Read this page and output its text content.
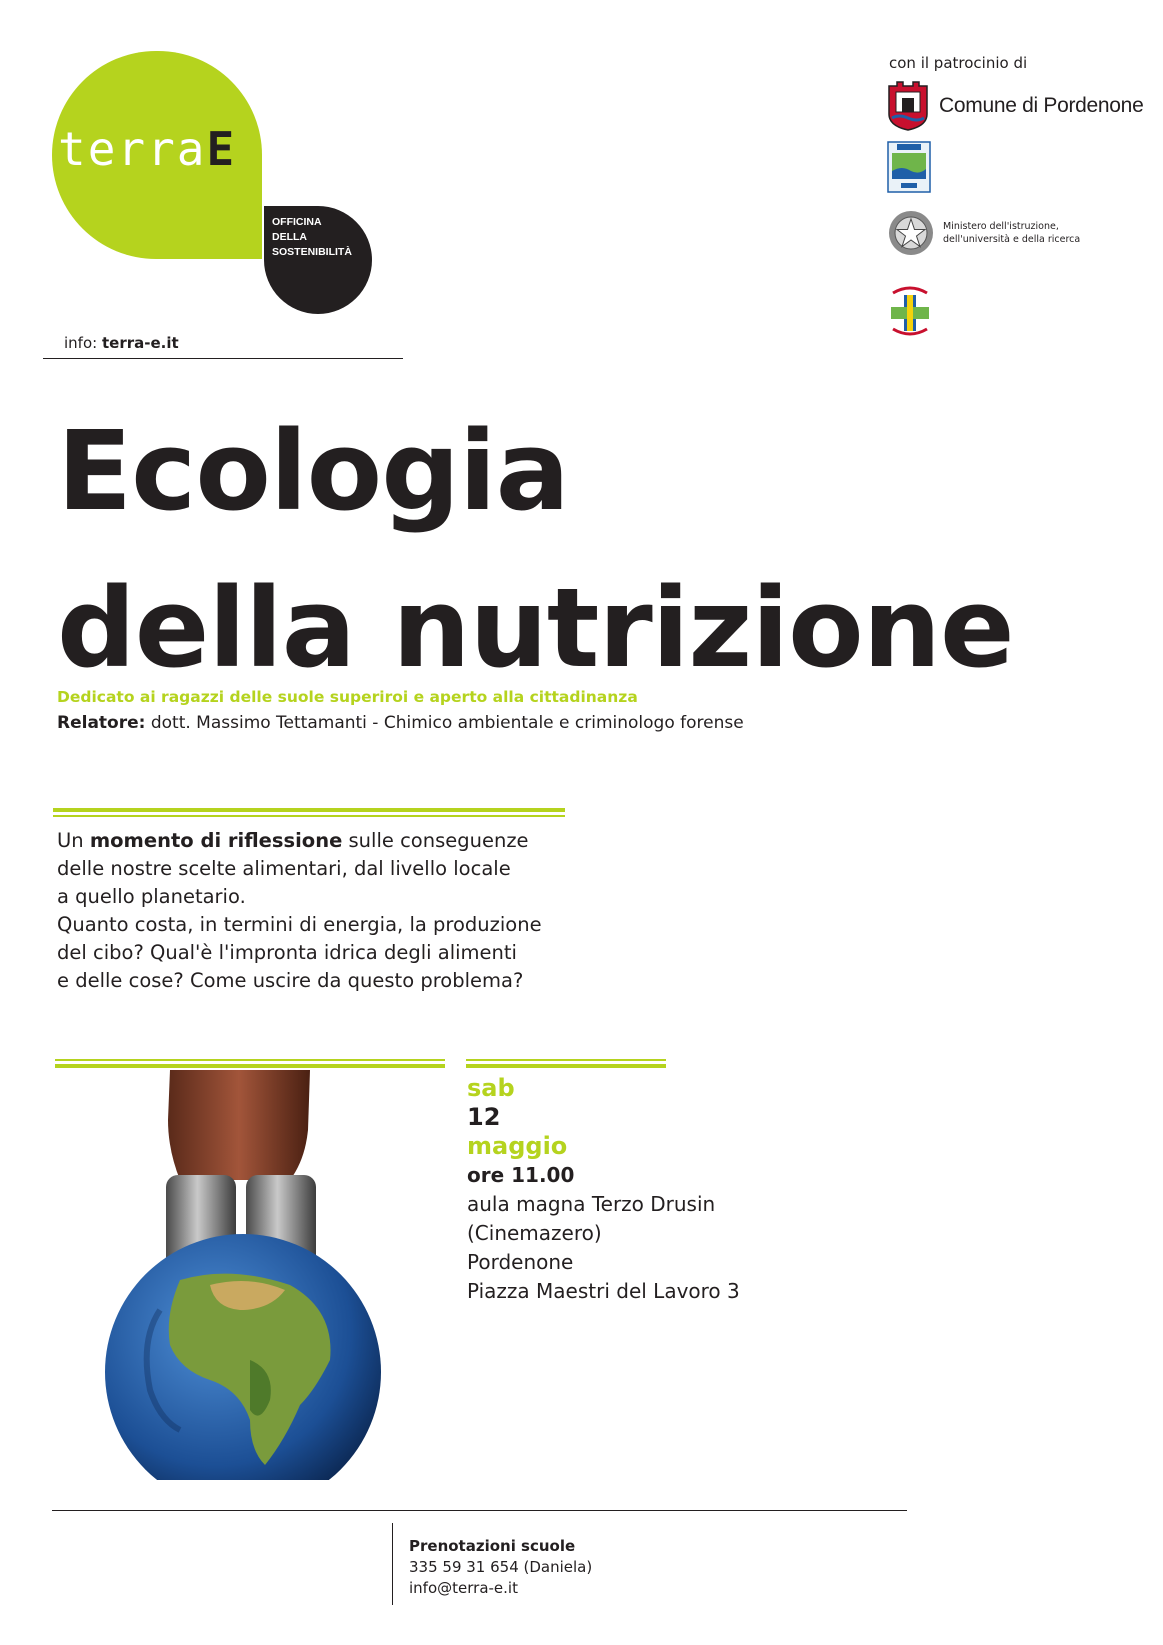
terraE
OFFICINA
DELLA
SOSTENIBILITÀ
info: terra-e.it
con il patrocinio di
Comune di Pordenone
Ministero dell'istruzione,
dell'università e della ricerca
Ecologia
della nutrizione
Dedicato ai ragazzi delle suole superiroi e aperto alla cittadinanza
Relatore: dott. Massimo Tettamanti - Chimico ambientale e criminologo forense
Un momento di riflessione sulle conseguenze
delle nostre scelte alimentari, dal livello locale
a quello planetario.
Quanto costa, in termini di energia, la produzione
del cibo? Qual'è l'impronta idrica degli alimenti
e delle cose? Come uscire da questo problema?
sab
12
maggio
ore 11.00
aula magna Terzo Drusin
(Cinemazero)
Pordenone
Piazza Maestri del Lavoro 3
Prenotazioni scuole
335 59 31 654 (Daniela)
info@terra-e.it
